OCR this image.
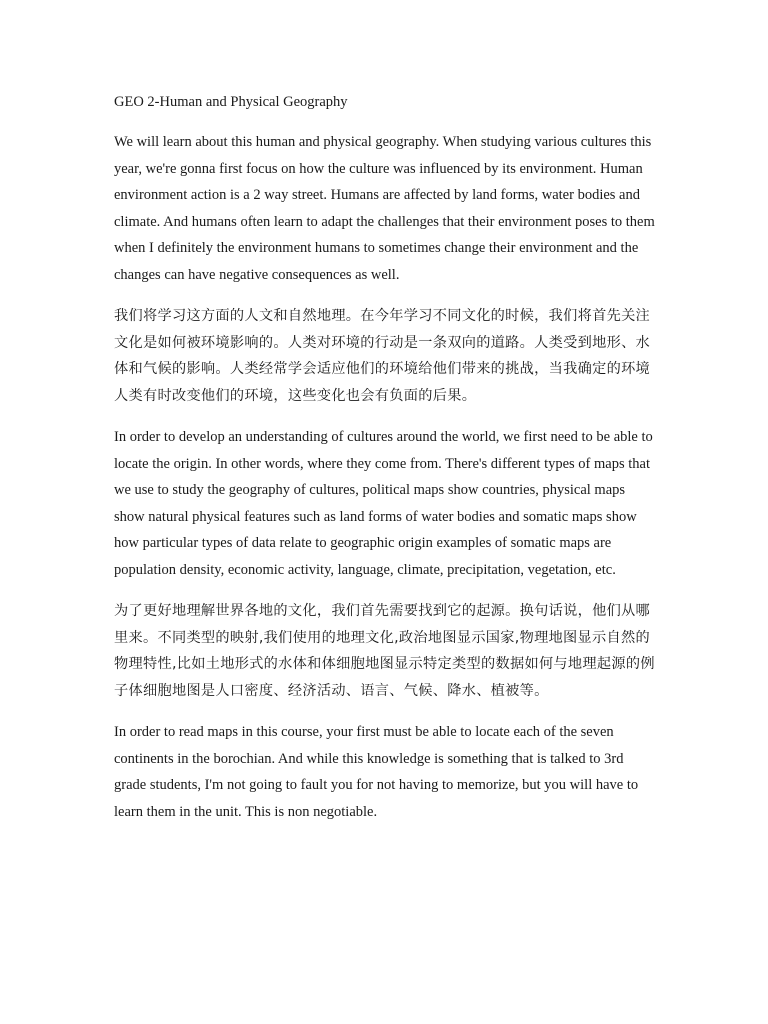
GEO 2-Human and Physical Geography

We will learn about this human and physical geography. When studying various cultures this year, we're gonna first focus on how the culture was influenced by its environment. Human environment action is a 2 way street. Humans are affected by land forms, water bodies and climate. And humans often learn to adapt the challenges that their environment poses to them when I definitely the environment humans to sometimes change their environment and the changes can have negative consequences as well.

我们将学习这方面的人文和自然地理。在今年学习不同文化的时候，我们将首先关注文化是如何被环境影响的。人类对环境的行动是一条双向的道路。人类受到地形、水体和气候的影响。人类经常学会适应他们的环境给他们带来的挑战，当我确定的环境人类有时改变他们的环境，这些变化也会有负面的后果。

In order to develop an understanding of cultures around the world, we first need to be able to locate the origin. In other words, where they come from. There's different types of maps that we use to study the geography of cultures, political maps show countries, physical maps show natural physical features such as land forms of water bodies and somatic maps show how particular types of data relate to geographic origin examples of somatic maps are population density, economic activity, language, climate, precipitation, vegetation, etc.

为了更好地理解世界各地的文化，我们首先需要找到它的起源。换句话说，他们从哪里来。不同类型的映射,我们使用的地理文化,政治地图显示国家,物理地图显示自然的物理特性,比如土地形式的水体和体细胞地图显示特定类型的数据如何与地理起源的例子体细胞地图是人口密度、经济活动、语言、气候、降水、植被等。

In order to read maps in this course, your first must be able to locate each of the seven continents in the borochian. And while this knowledge is something that is talked to 3rd grade students, I'm not going to fault you for not having to memorize, but you will have to learn them in the unit. This is non negotiable.
